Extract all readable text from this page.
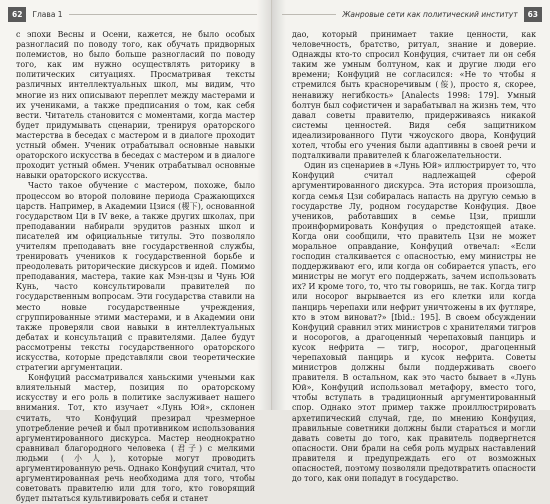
62	Глава 1

с эпохи Весны и Осени, кажется, не было особых разногласий по поводу того, как обучать придворных полемистов, но было больше разногласий по поводу того, как им нужно осуществлять риторику в политических ситуациях. Просматривая тексты различных интеллектуальных школ, мы видим, что многие из них описывают переплет между мастерами и их учениками, а также предписания о том, как себя вести. Читатель становится с моментами, когда мастер будет придумывать сценарии, тренируя ораторского мастерства в беседах с мастером и в диалоге проходит устный обмен. Ученик отрабатывал основные навыки ораторского искусства в беседах с мастером и в диалоге проходит устный обмен. Ученик отрабатывал основные навыки ораторского искусства.

Часто такое обучение с мастером, похоже, было процессом во второй половине периода Сражающихся царств. Например, в Академии Цзися (稷下), основанной государством Ци в IV веке, а также других школах, при преподавании набирали эрудитов разных школ и писателей им официальные титулы. Это позволяло учителям преподавать вне государственной службы, тренировать учеников к государственной борьбе и преодолевать риторические дискурсов и идей. Помимо преподавания, мастера, такие как Мэн-цзы и Чунь Юй Кунь, часто консультировали правителей по государственным вопросам. Эти государства ставили на место новые государственные учреждения, сгруппированные этими мастерами, и в Академии они также проверяли свои навыки в интеллектуальных дебатах и консультаций с правителями. Далее будут рассмотрены тексты государственного ораторского искусства, которые представляли свои теоретические стратегии аргументации.

Конфуций рассматривался ханьскими учеными как влиятельный мастер, позиция по ораторскому искусству и его роль в политике заслуживает нашего внимания. Тот, кто изучает «Лунь Юй», склонен считать, что Конфуций презирал чрезмерное употребление речей и был противником использования аргументированного дискурса. Мастер неоднократно сравнивал благородного человека (君子) с мелкими людьми (小人), которые могут проводить аргументированную речь. Однако Конфуций считал, что аргументированная речь необходима для того, чтобы советовать правителю или для того, кто говорящий будет пытаться культивировать себя и станет

Жанровые сети как политический институт	63

дао, который принимает такие ценности, как человечность, братство, ритуал, знание и доверие. Однажды кто-то спросил Конфуция, считает ли он себя таким же умным болтуном, как и другие люди его времени; Конфуций не согласился: «Не то чтобы я стремился быть красноречивым (侫), просто я, скорее, ненавижу негибкость» [Analects 1998: 179]. Умный болтун был софистичен и зарабатывал на жизнь тем, что давал советы правителю, придерживаясь никакой системы ценностей. Видя себя защитником идеализированного Пути чжоуского двора, Конфуций хотел, чтобы его учения были адаптивны в своей речи и подталкивали правителей к благожелательности.

Один из сценариев в «Лунь Юй» иллюстрирует то, что Конфуций считал надлежащей сферой аргументированного дискурса. Эта история произошла, когда семья Цзи собиралась напасть на другую семью в государстве Лу, родном государстве Конфуция. Двое учеников, работавших в семье Цзи, пришли проинформировать Конфуция о предстоящей атаке. Когда они сообщили, что правитель Цзи не может моральное оправдание, Конфуций отвечал: «Если господин сталкивается с опасностью, ему министры не поддерживают его, или когда он собирается упасть, его министры не могут его поддержать, зачем использовать их? И кроме того, то, что ты говоришь, не так. Когда тигр или носорог вырывается из его клетки или когда панцирь черепахи или нефрит уничтожены в их футляре, кто в этом виноват?» [Ibid.: 195]. В своем обсуждении Конфуций сравнил этих министров с хранителями тигров и носорогов, а драгоценный черепаховый панцирь и кусок нефрита — тигр, носорог, драгоценный черепаховый панцирь и кусок нефрита. Советы министров должны были поддерживать своего правителя. В остальном, как это часто бывает в «Лунь Юй», Конфуций использовал метафору, вместо того, чтобы вступать в традиционный аргументированный спор. Однако этот пример также проиллюстрировать архетипический случай, где, по мнению Конфуция, правильные советники должны были стараться и могли давать советы до того, как правитель подвергнется опасности. Они брали на себя роль мудрых наставлений правителя и предупреждать его от возможных опасностей, поэтому позволяли предотвратить опасности до того, как они попадут в государство.
